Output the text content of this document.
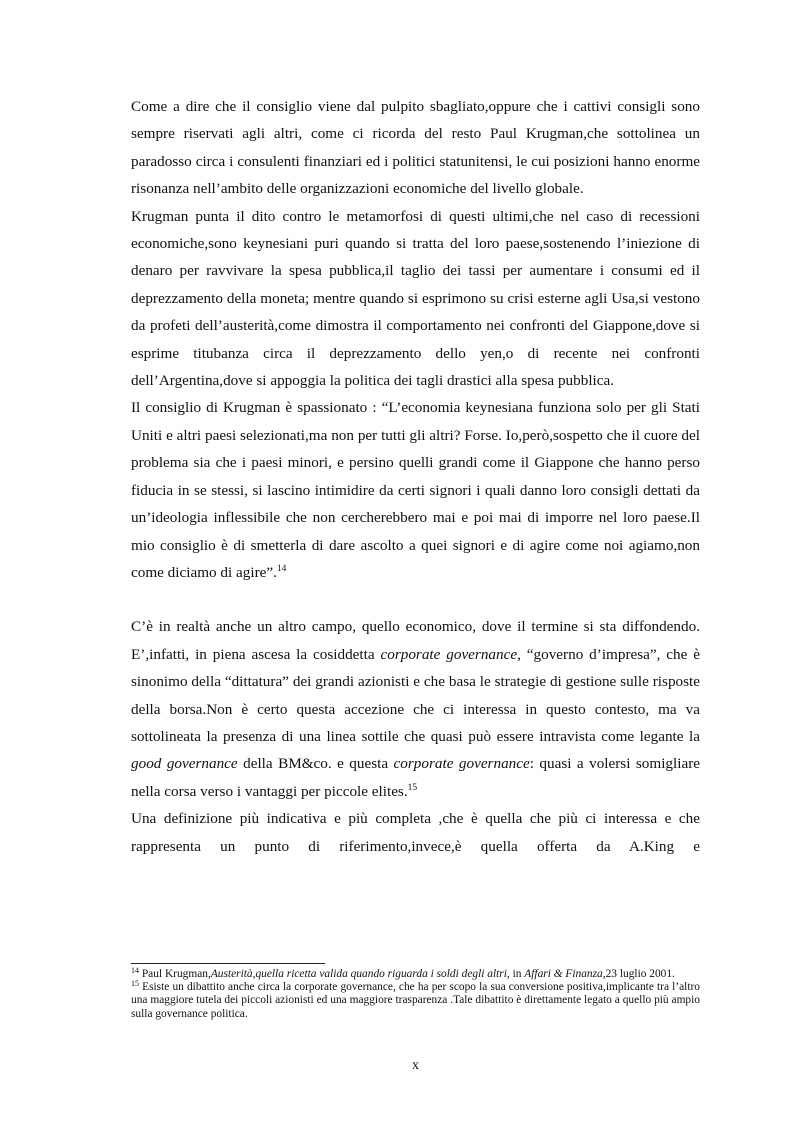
Come a dire che il consiglio viene dal pulpito sbagliato,oppure che i cattivi consigli sono sempre riservati agli altri, come ci ricorda del resto Paul Krugman,che sottolinea un paradosso circa i consulenti finanziari ed i politici statunitensi, le cui posizioni hanno enorme risonanza nell’ambito delle organizzazioni economiche del livello globale.

Krugman punta il dito contro le metamorfosi di questi ultimi,che nel caso di recessioni economiche,sono keynesiani puri quando si tratta del loro paese,sostenendo l’iniezione di denaro per ravvivare la spesa pubblica,il taglio dei tassi per aumentare i consumi ed il deprezzamento della moneta; mentre quando si esprimono su crisi esterne agli Usa,si vestono da profeti dell’austerità,come dimostra il comportamento nei confronti del Giappone,dove si esprime titubanza circa il deprezzamento dello yen,o di recente nei confronti dell’Argentina,dove si appoggia la politica dei tagli drastici alla spesa pubblica.

Il consiglio di Krugman è spassionato : “L’economia keynesiana funziona solo per gli Stati Uniti e altri paesi selezionati,ma non per tutti gli altri? Forse. Io,però,sospetto che il cuore del problema sia che i paesi minori, e persino quelli grandi come il Giappone che hanno perso fiducia in se stessi, si lascino intimidire da certi signori i quali danno loro consigli dettati da un’ideologia inflessibile che non cercherebbero mai e poi mai di imporre nel loro paese.Il mio consiglio è di smetterla di dare ascolto a quei signori e di agire come noi agiamo,non come diciamo di agire”.$^{14}$

C’è in realtà anche un altro campo, quello economico, dove il termine si sta diffondendo. E’,infatti, in piena ascesa la cosiddetta corporate governance, “governo d’impresa”, che è sinonimo della “dittatura” dei grandi azionisti e che basa le strategie di gestione sulle risposte della borsa.Non è certo questa accezione che ci interessa in questo contesto, ma va sottolineata la presenza di una linea sottile che quasi può essere intravista come legante la good governance della BM&co. e questa corporate governance: quasi a volersi somigliare nella corsa verso i vantaggi per piccole elites.$^{15}$

Una definizione più indicativa e più completa ,che è quella che più ci interessa e che rappresenta un punto di riferimento,invece,è quella offerta da A.King e

$^{14}$ Paul Krugman,Austerità,quella ricetta valida quando riguarda i soldi degli altri, in Affari & Finanza,23 luglio 2001.

$^{15}$ Esiste un dibattito anche circa la corporate governance, che ha per scopo la sua conversione positiva,implicante tra l’altro una maggiore tutela dei piccoli azionisti ed una maggiore trasparenza .Tale dibattito è direttamente legato a quello più ampio sulla governance politica.

x
